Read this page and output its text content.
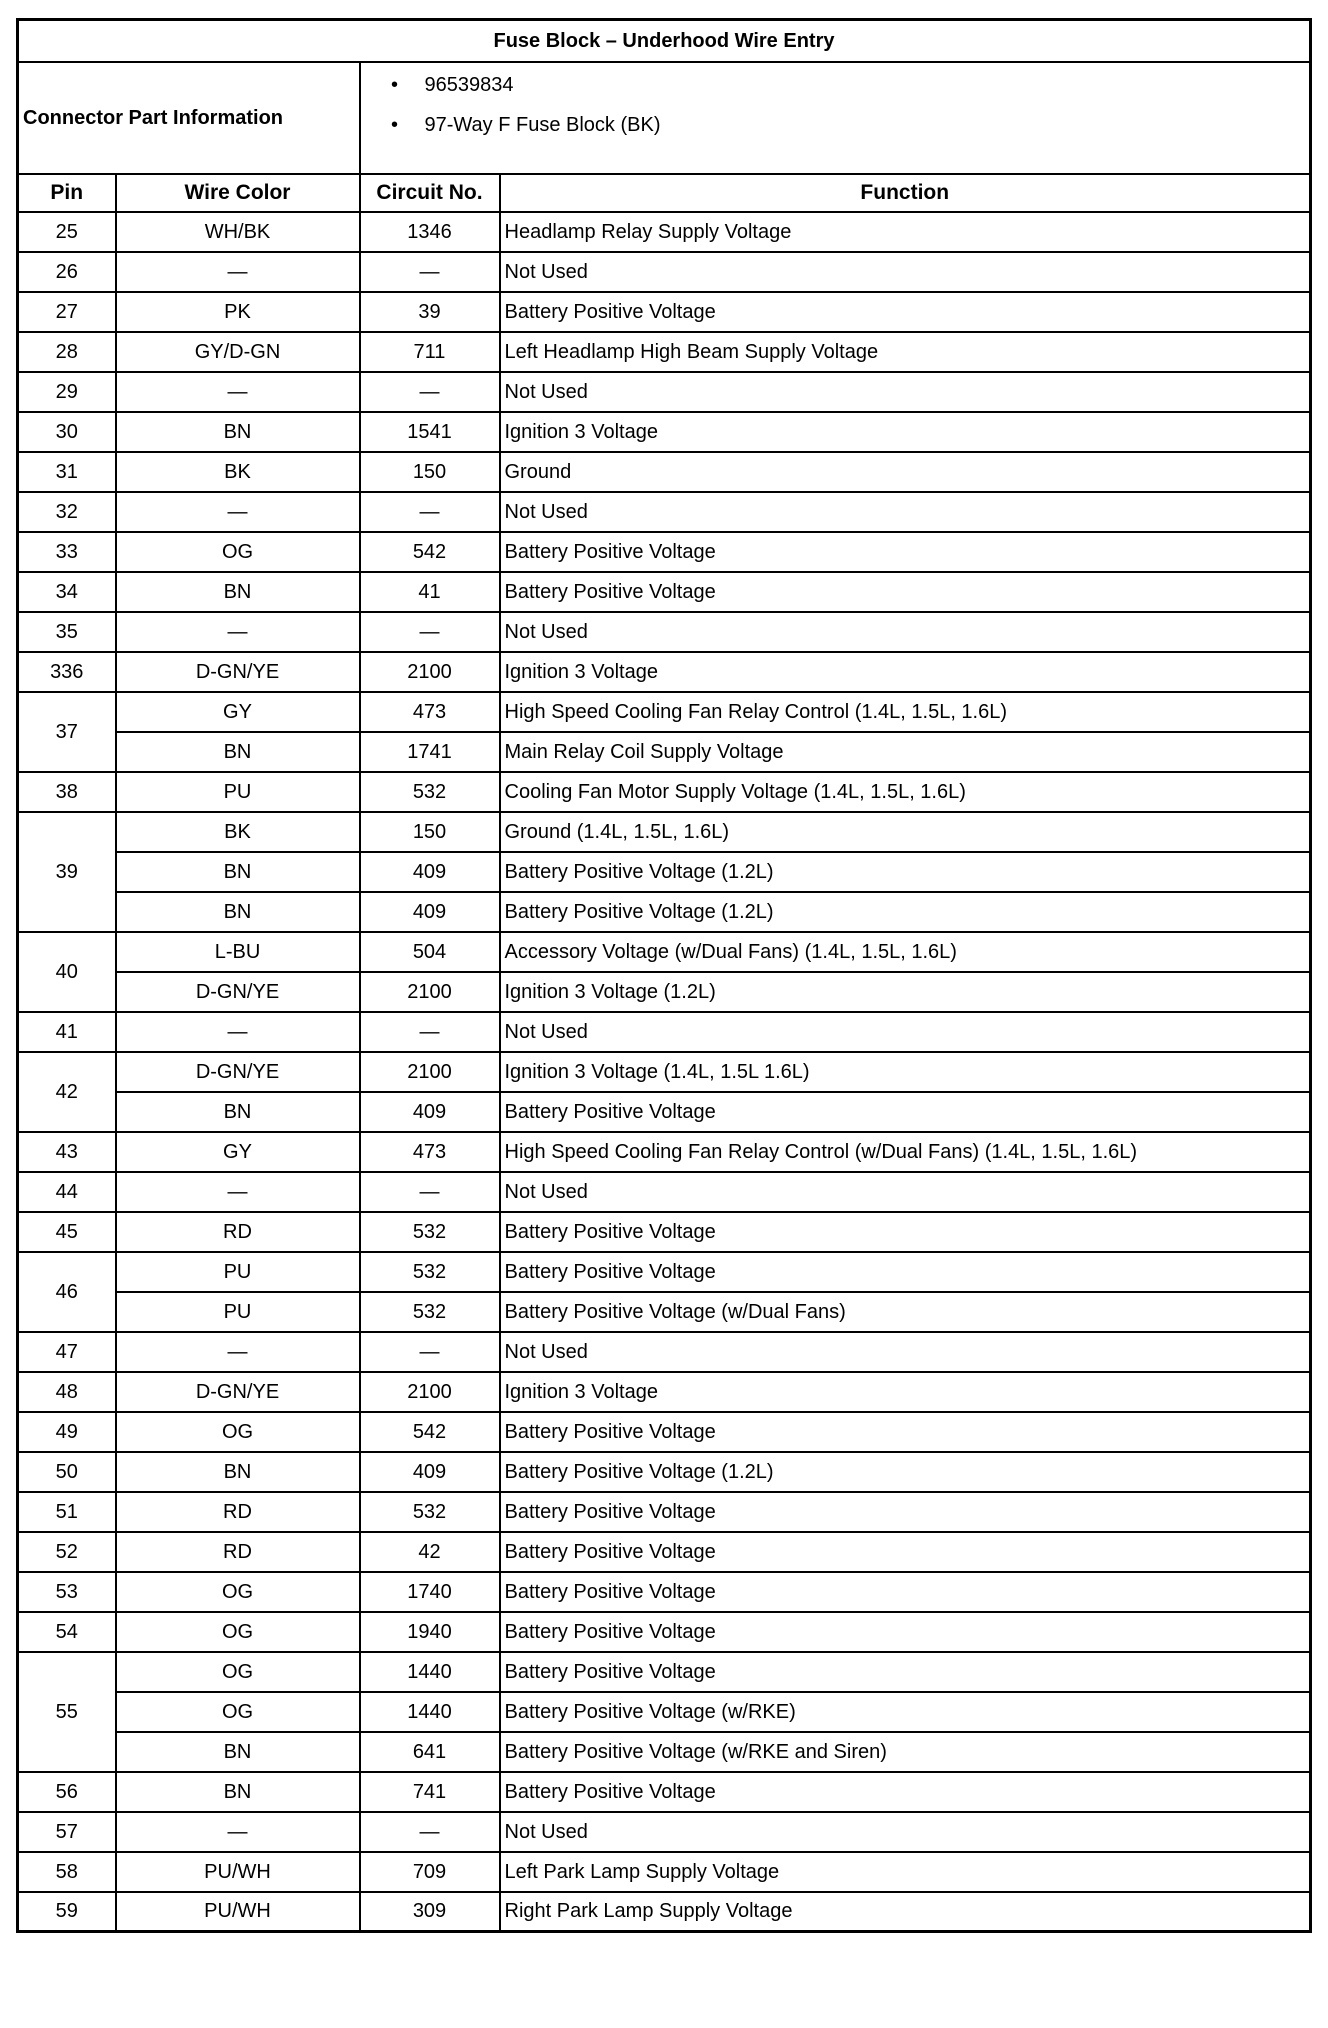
Fuse Block – Underhood Wire Entry			
Connector Part Information	
•	96539834
•	97-Way F Fuse Block (BK)

Pin	Wire Color	Circuit No.	Function
25	WH/BK	1346	Headlamp Relay Supply Voltage
26	—	—	Not Used
27	PK	39	Battery Positive Voltage
28	GY/D-GN	711	Left Headlamp High Beam Supply Voltage
29	—	—	Not Used
30	BN	1541	Ignition 3 Voltage
31	BK	150	Ground
32	—	—	Not Used
33	OG	542	Battery Positive Voltage
34	BN	41	Battery Positive Voltage
35	—	—	Not Used
336	D-GN/YE	2100	Ignition 3 Voltage
37	GY	473	High Speed Cooling Fan Relay Control (1.4L, 1.5L, 1.6L)
	BN	1741	Main Relay Coil Supply Voltage
38	PU	532	Cooling Fan Motor Supply Voltage (1.4L, 1.5L, 1.6L)
39	BK	150	Ground (1.4L, 1.5L, 1.6L)
	BN	409	Battery Positive Voltage (1.2L)
	BN	409	Battery Positive Voltage (1.2L)
40	L-BU	504	Accessory Voltage (w/Dual Fans) (1.4L, 1.5L, 1.6L)
	D-GN/YE	2100	Ignition 3 Voltage (1.2L)
41	—	—	Not Used
42	D-GN/YE	2100	Ignition 3 Voltage (1.4L, 1.5L 1.6L)
	BN	409	Battery Positive Voltage
43	GY	473	High Speed Cooling Fan Relay Control (w/Dual Fans) (1.4L, 1.5L, 1.6L)
44	—	—	Not Used
45	RD	532	Battery Positive Voltage
46	PU	532	Battery Positive Voltage
	PU	532	Battery Positive Voltage (w/Dual Fans)
47	—	—	Not Used
48	D-GN/YE	2100	Ignition 3 Voltage
49	OG	542	Battery Positive Voltage
50	BN	409	Battery Positive Voltage (1.2L)
51	RD	532	Battery Positive Voltage
52	RD	42	Battery Positive Voltage
53	OG	1740	Battery Positive Voltage
54	OG	1940	Battery Positive Voltage
55	OG	1440	Battery Positive Voltage
	OG	1440	Battery Positive Voltage (w/RKE)
	BN	641	Battery Positive Voltage (w/RKE and Siren)
56	BN	741	Battery Positive Voltage
57	—	—	Not Used
58	PU/WH	709	Left Park Lamp Supply Voltage
59	PU/WH	309	Right Park Lamp Supply Voltage
